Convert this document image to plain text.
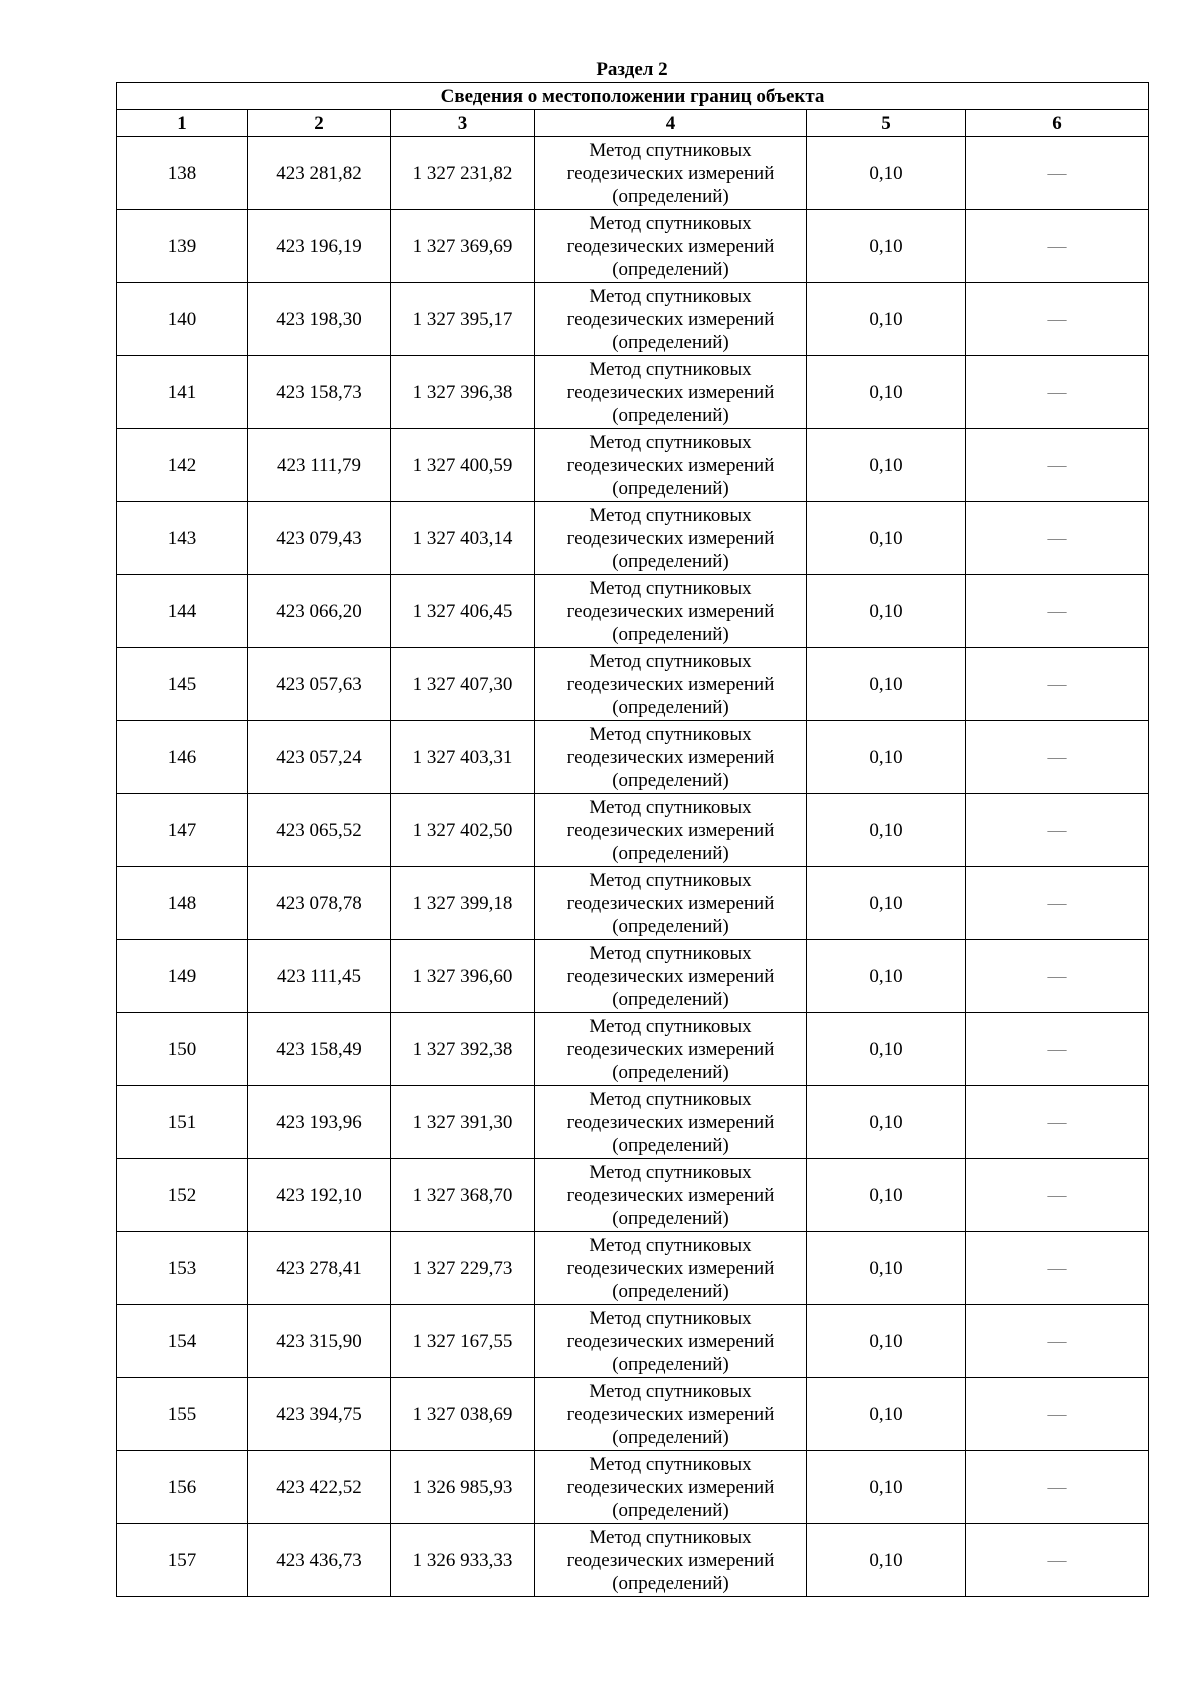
Раздел 2
Сведения о местоположении границ объекта					
1	2	3	4	5	6
138	423 281,82	1 327 231,82	Метод спутниковых
геодезических измерений
(определений)	0,10	—
139	423 196,19	1 327 369,69	Метод спутниковых
геодезических измерений
(определений)	0,10	—
140	423 198,30	1 327 395,17	Метод спутниковых
геодезических измерений
(определений)	0,10	—
141	423 158,73	1 327 396,38	Метод спутниковых
геодезических измерений
(определений)	0,10	—
142	423 111,79	1 327 400,59	Метод спутниковых
геодезических измерений
(определений)	0,10	—
143	423 079,43	1 327 403,14	Метод спутниковых
геодезических измерений
(определений)	0,10	—
144	423 066,20	1 327 406,45	Метод спутниковых
геодезических измерений
(определений)	0,10	—
145	423 057,63	1 327 407,30	Метод спутниковых
геодезических измерений
(определений)	0,10	—
146	423 057,24	1 327 403,31	Метод спутниковых
геодезических измерений
(определений)	0,10	—
147	423 065,52	1 327 402,50	Метод спутниковых
геодезических измерений
(определений)	0,10	—
148	423 078,78	1 327 399,18	Метод спутниковых
геодезических измерений
(определений)	0,10	—
149	423 111,45	1 327 396,60	Метод спутниковых
геодезических измерений
(определений)	0,10	—
150	423 158,49	1 327 392,38	Метод спутниковых
геодезических измерений
(определений)	0,10	—
151	423 193,96	1 327 391,30	Метод спутниковых
геодезических измерений
(определений)	0,10	—
152	423 192,10	1 327 368,70	Метод спутниковых
геодезических измерений
(определений)	0,10	—
153	423 278,41	1 327 229,73	Метод спутниковых
геодезических измерений
(определений)	0,10	—
154	423 315,90	1 327 167,55	Метод спутниковых
геодезических измерений
(определений)	0,10	—
155	423 394,75	1 327 038,69	Метод спутниковых
геодезических измерений
(определений)	0,10	—
156	423 422,52	1 326 985,93	Метод спутниковых
геодезических измерений
(определений)	0,10	—
157	423 436,73	1 326 933,33	Метод спутниковых
геодезических измерений
(определений)	0,10	—
